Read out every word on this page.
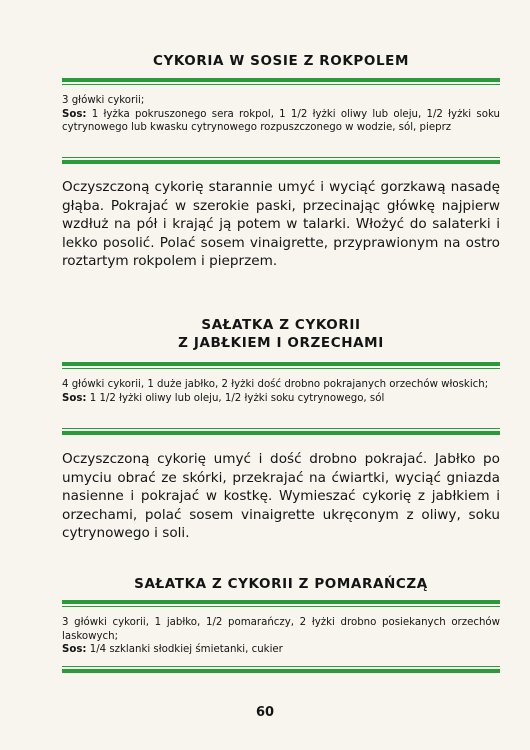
CYKORIA W SOSIE Z ROKPOLEM

3 główki cykorii;

Sos: 1 łyżka pokruszonego sera rokpol, 1 1/2 łyżki oliwy lub oleju, 1/2 łyżki soku cytrynowego lub kwasku cytrynowego rozpuszczonego w wodzie, sól, pieprz

Oczyszczoną cykorię starannie umyć i wyciąć gorzkawą nasadę głąba. Pokrajać w szerokie paski, przecinając główkę najpierw wzdłuż na pół i krająć ją potem w talarki. Włożyć do salaterki i lekko posolić. Polać sosem vinaigrette, przyprawionym na ostro roztartym rokpolem i pieprzem.
SAŁATKA Z CYKORII
Z JABŁKIEM I ORZECHAMI

4 główki cykorii, 1 duże jabłko, 2 łyżki dość drobno pokrajanych orzechów włoskich;

Sos: 1 1/2 łyżki oliwy lub oleju, 1/2 łyżki soku cytrynowego, sól

Oczyszczoną cykorię umyć i dość drobno pokrajać. Jabłko po umyciu obrać ze skórki, przekrajać na ćwiartki, wyciąć gniazda nasienne i pokrajać w kostkę. Wymieszać cykorię z jabłkiem i orzechami, polać sosem vinaigrette ukręconym z oliwy, soku cytrynowego i soli.
SAŁATKA Z CYKORII Z POMARAŃCZĄ

3 główki cykorii, 1 jabłko, 1/2 pomarańczy, 2 łyżki drobno posiekanych orzechów laskowych;

Sos: 1/4 szklanki słodkiej śmietanki, cukier

60
